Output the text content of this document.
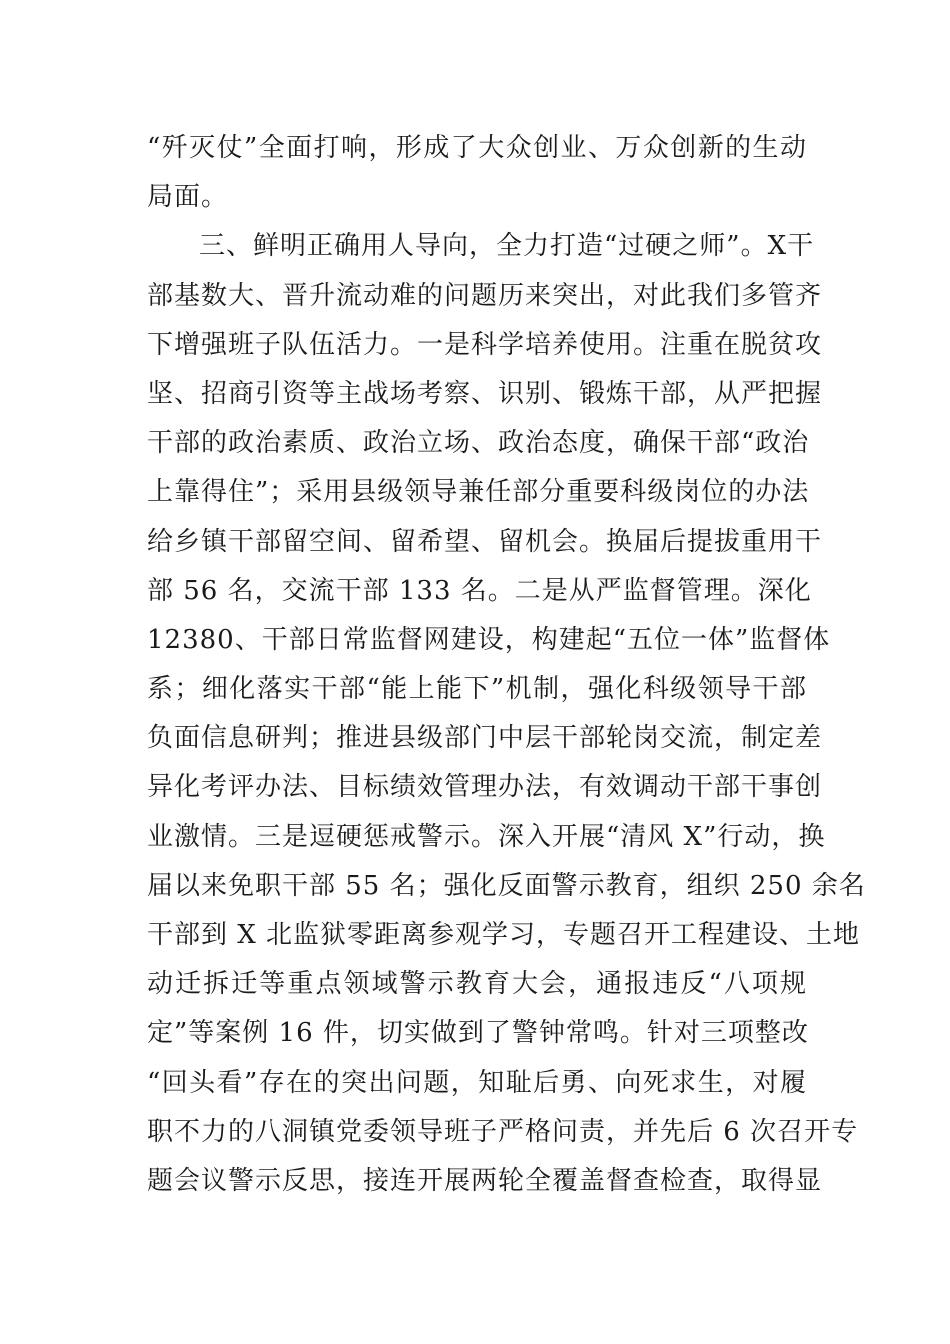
“歼灭仗”全面打响，形成了大众创业、万众创新的生动
局面。
三、鲜明正确用人导向，全力打造“过硬之师”。X干
部基数大、晋升流动难的问题历来突出，对此我们多管齐
下增强班子队伍活力。一是科学培养使用。注重在脱贫攻
坚、招商引资等主战场考察、识别、锻炼干部，从严把握
干部的政治素质、政治立场、政治态度，确保干部“政治
上靠得住”；采用县级领导兼任部分重要科级岗位的办法
给乡镇干部留空间、留希望、留机会。换届后提拔重用干
部 56 名，交流干部 133 名。二是从严监督管理。深化
12380、干部日常监督网建设，构建起“五位一体”监督体
系；细化落实干部“能上能下”机制，强化科级领导干部
负面信息研判；推进县级部门中层干部轮岗交流，制定差
异化考评办法、目标绩效管理办法，有效调动干部干事创
业激情。三是逗硬惩戒警示。深入开展“清风 X”行动，换
届以来免职干部 55 名；强化反面警示教育，组织 250 余名
干部到 X 北监狱零距离参观学习，专题召开工程建设、土地
动迁拆迁等重点领域警示教育大会，通报违反“八项规
定”等案例 16 件，切实做到了警钟常鸣。针对三项整改
“回头看”存在的突出问题，知耻后勇、向死求生，对履
职不力的八洞镇党委领导班子严格问责，并先后 6 次召开专
题会议警示反思，接连开展两轮全覆盖督查检查，取得显
